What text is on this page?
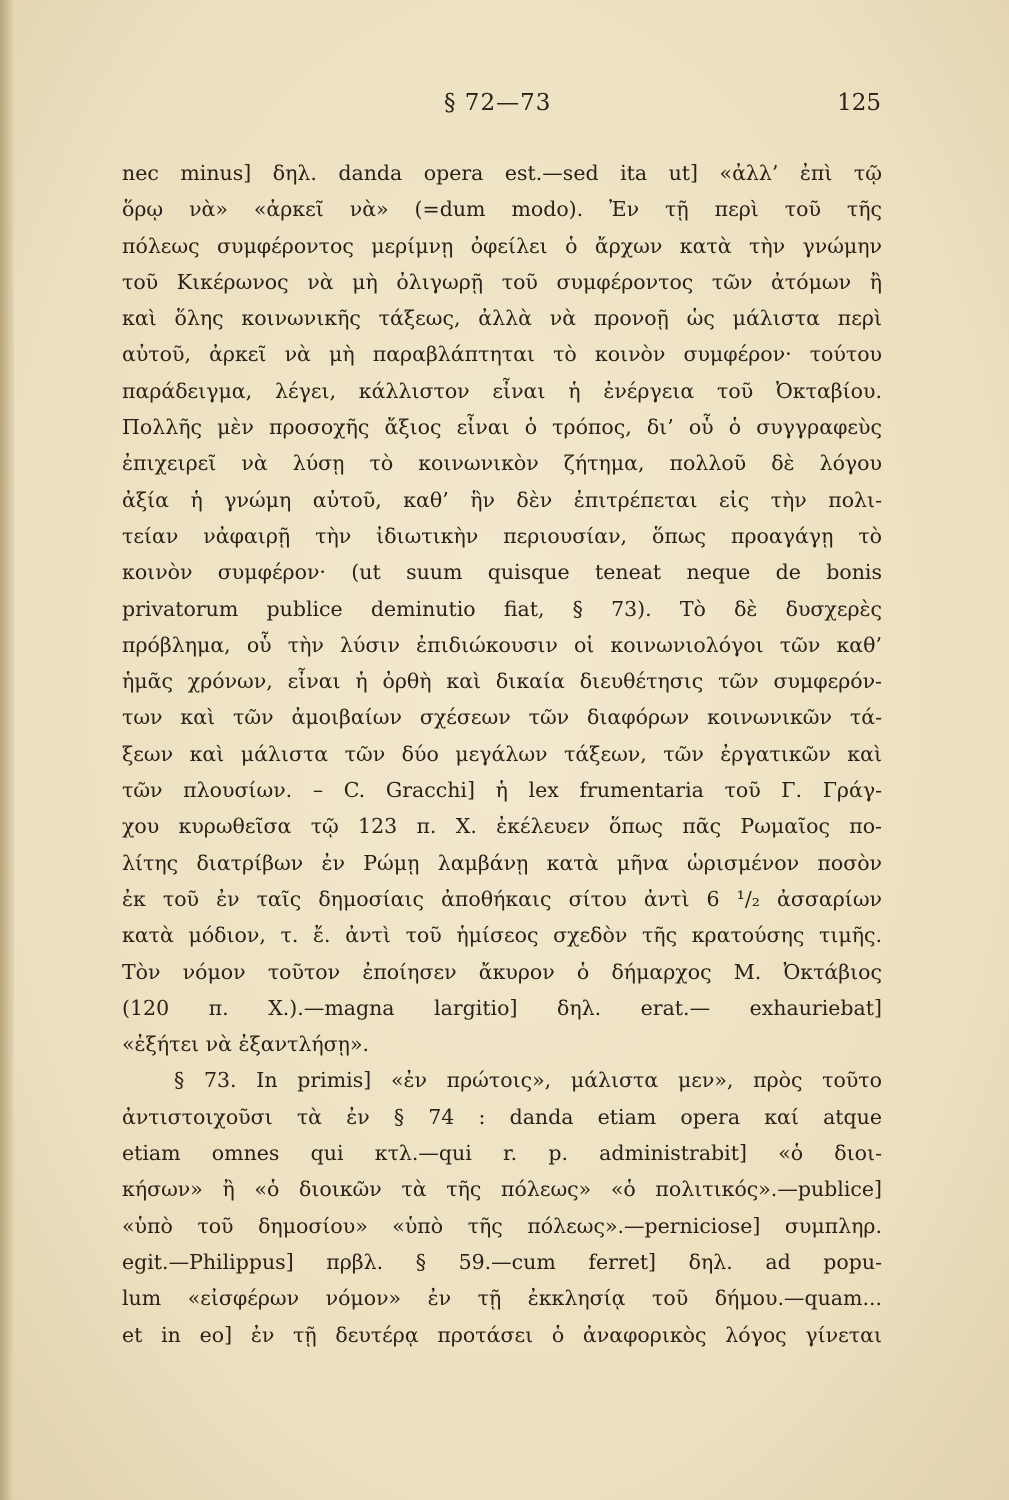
§ 72—73	125
nec minus] δηλ. danda opera est.—sed ita ut] «ἀλλ’ ἐπὶ τῷ
ὅρῳ νὰ» «ἀρκεῖ νὰ» (=dum modo). Ἐν τῇ περὶ τοῦ τῆς
πόλεως συμφέροντος μερίμνῃ ὀφείλει ὁ ἄρχων κατὰ τὴν γνώμην
τοῦ Κικέρωνος νὰ μὴ ὀλιγωρῇ τοῦ συμφέροντος τῶν ἀτόμων ἢ
καὶ ὅλης κοινωνικῆς τάξεως, ἀλλὰ νὰ προνοῇ ὡς μάλιστα περὶ
αὐτοῦ, ἀρκεῖ νὰ μὴ παραβλάπτηται τὸ κοινὸν συμφέρον· τούτου
παράδειγμα, λέγει, κάλλιστον εἶναι ἡ ἐνέργεια τοῦ Ὀκταβίου.
Πολλῆς μὲν προσοχῆς ἄξιος εἶναι ὁ τρόπος, δι’ οὗ ὁ συγγραφεὺς
ἐπιχειρεῖ νὰ λύσῃ τὸ κοινωνικὸν ζήτημα, πολλοῦ δὲ λόγου
ἀξία ἡ γνώμη αὐτοῦ, καθ’ ἣν δὲν ἐπιτρέπεται εἰς τὴν πολι-
τείαν νἀφαιρῇ τὴν ἰδιωτικὴν περιουσίαν, ὅπως προαγάγῃ τὸ
κοινὸν συμφέρον· (ut suum quisque teneat neque de bonis
privatorum publice deminutio fiat, § 73). Τὸ δὲ δυσχερὲς
πρόβλημα, οὗ τὴν λύσιν ἐπιδιώκουσιν οἱ κοινωνιολόγοι τῶν καθ’
ἡμᾶς χρόνων, εἶναι ἡ ὀρθὴ καὶ δικαία διευθέτησις τῶν συμφερόν-
των καὶ τῶν ἀμοιβαίων σχέσεων τῶν διαφόρων κοινωνικῶν τά-
ξεων καὶ μάλιστα τῶν δύο μεγάλων τάξεων, τῶν ἐργατικῶν καὶ
τῶν πλουσίων. – C. Gracchi] ἡ lex frumentaria τοῦ Γ. Γράγ-
χου κυρωθεῖσα τῷ 123 π. Χ. ἐκέλευεν ὅπως πᾶς Ρωμαῖος πο-
λίτης διατρίβων ἐν Ρώμῃ λαμβάνῃ κατὰ μῆνα ὡρισμένον ποσὸν
ἐκ τοῦ ἐν ταῖς δημοσίαις ἀποθήκαις σίτου ἀντὶ 6 ¹/₂ ἀσσαρίων
κατὰ μόδιον, τ. ἔ. ἀντὶ τοῦ ἡμίσεος σχεδὸν τῆς κρατούσης τιμῆς.
Τὸν νόμον τοῦτον ἐποίησεν ἄκυρον ὁ δήμαρχος Μ. Ὀκτάβιος
(120 π. Χ.).—magna largitio] δηλ. erat.— exhauriebat]
«ἐξήτει νὰ ἐξαντλήσῃ».
§ 73. In primis] «ἐν πρώτοις», μάλιστα μεν», πρὸς τοῦτο
ἀντιστοιχοῦσι τὰ ἐν § 74 : danda etiam opera καί atque
etiam omnes qui κτλ.—qui r. p. administrabit] «ὁ διοι-
κήσων» ἢ «ὁ διοικῶν τὰ τῆς πόλεως» «ὁ πολιτικός».—publice]
«ὑπὸ τοῦ δημοσίου» «ὑπὸ τῆς πόλεως».—perniciose] συμπληρ.
egit.—Philippus] πρβλ. § 59.—cum ferret] δηλ. ad popu-
lum «εἰσφέρων νόμον» ἐν τῇ ἐκκλησίᾳ τοῦ δήμου.—quam...
et in eo] ἐν τῇ δευτέρᾳ προτάσει ὁ ἀναφορικὸς λόγος γίνεται
